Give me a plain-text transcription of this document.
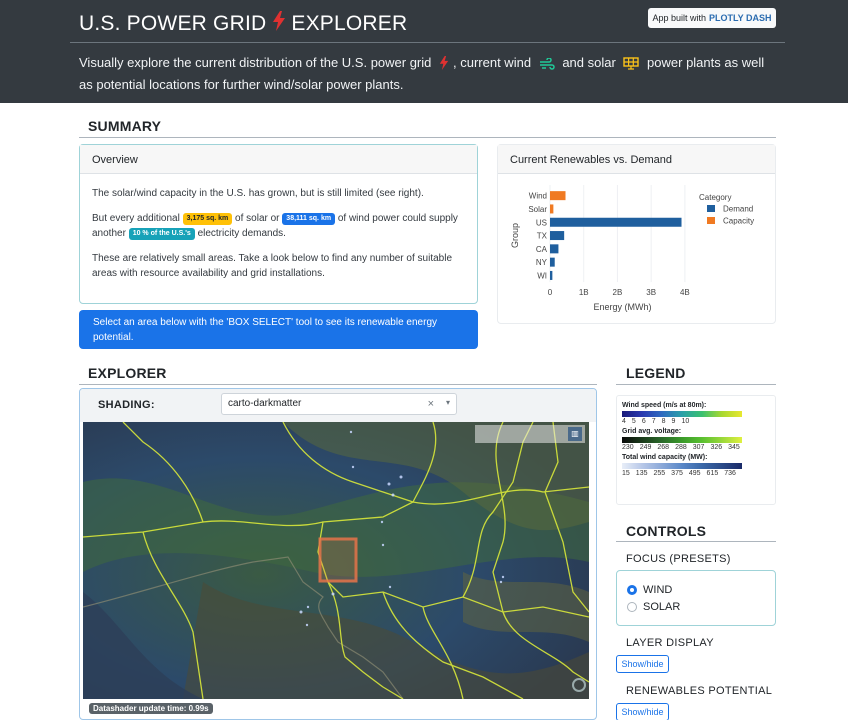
U.S. POWER GRID EXPLORER	App built with PLOTLY DASH
Visually explore the current distribution of the U.S. power grid , current wind and solar power plants as well as potential locations for further wind/solar power plants.
SUMMARY
Overview

The solar/wind capacity in the U.S. has grown, but is still limited (see right).

But every additional 3,175 sq. km of solar or 38,111 sq. km of wind power could supply another 10 % of the U.S.'s electricity demands.

These are relatively small areas. Take a look below to find any number of suitable areas with resource availability and grid installations.

Select an area below with the 'BOX SELECT' tool to see its renewable energy potential.
Current Renewables vs. Demand
0	1B	2B	3B	4B
Wind
Solar
US
TX
CA
NY
WI
Energy (MWh)
Group
Category
Demand
Capacity
EXPLORER
SHADING:	carto-darkmatter	× ▾
▥
Datashader update time: 0.99s
LEGEND
Wind speed (m/s at 80m):
4 5 6 7 8 9 10
Grid avg. voltage:
230 249 268 288 307 326 345
Total wind capacity (MW):
15 135 255 375 495 615 736
CONTROLS
FOCUS (PRESETS)
WIND
SOLAR
LAYER DISPLAY
Show/hide
RENEWABLES POTENTIAL
Show/hide
